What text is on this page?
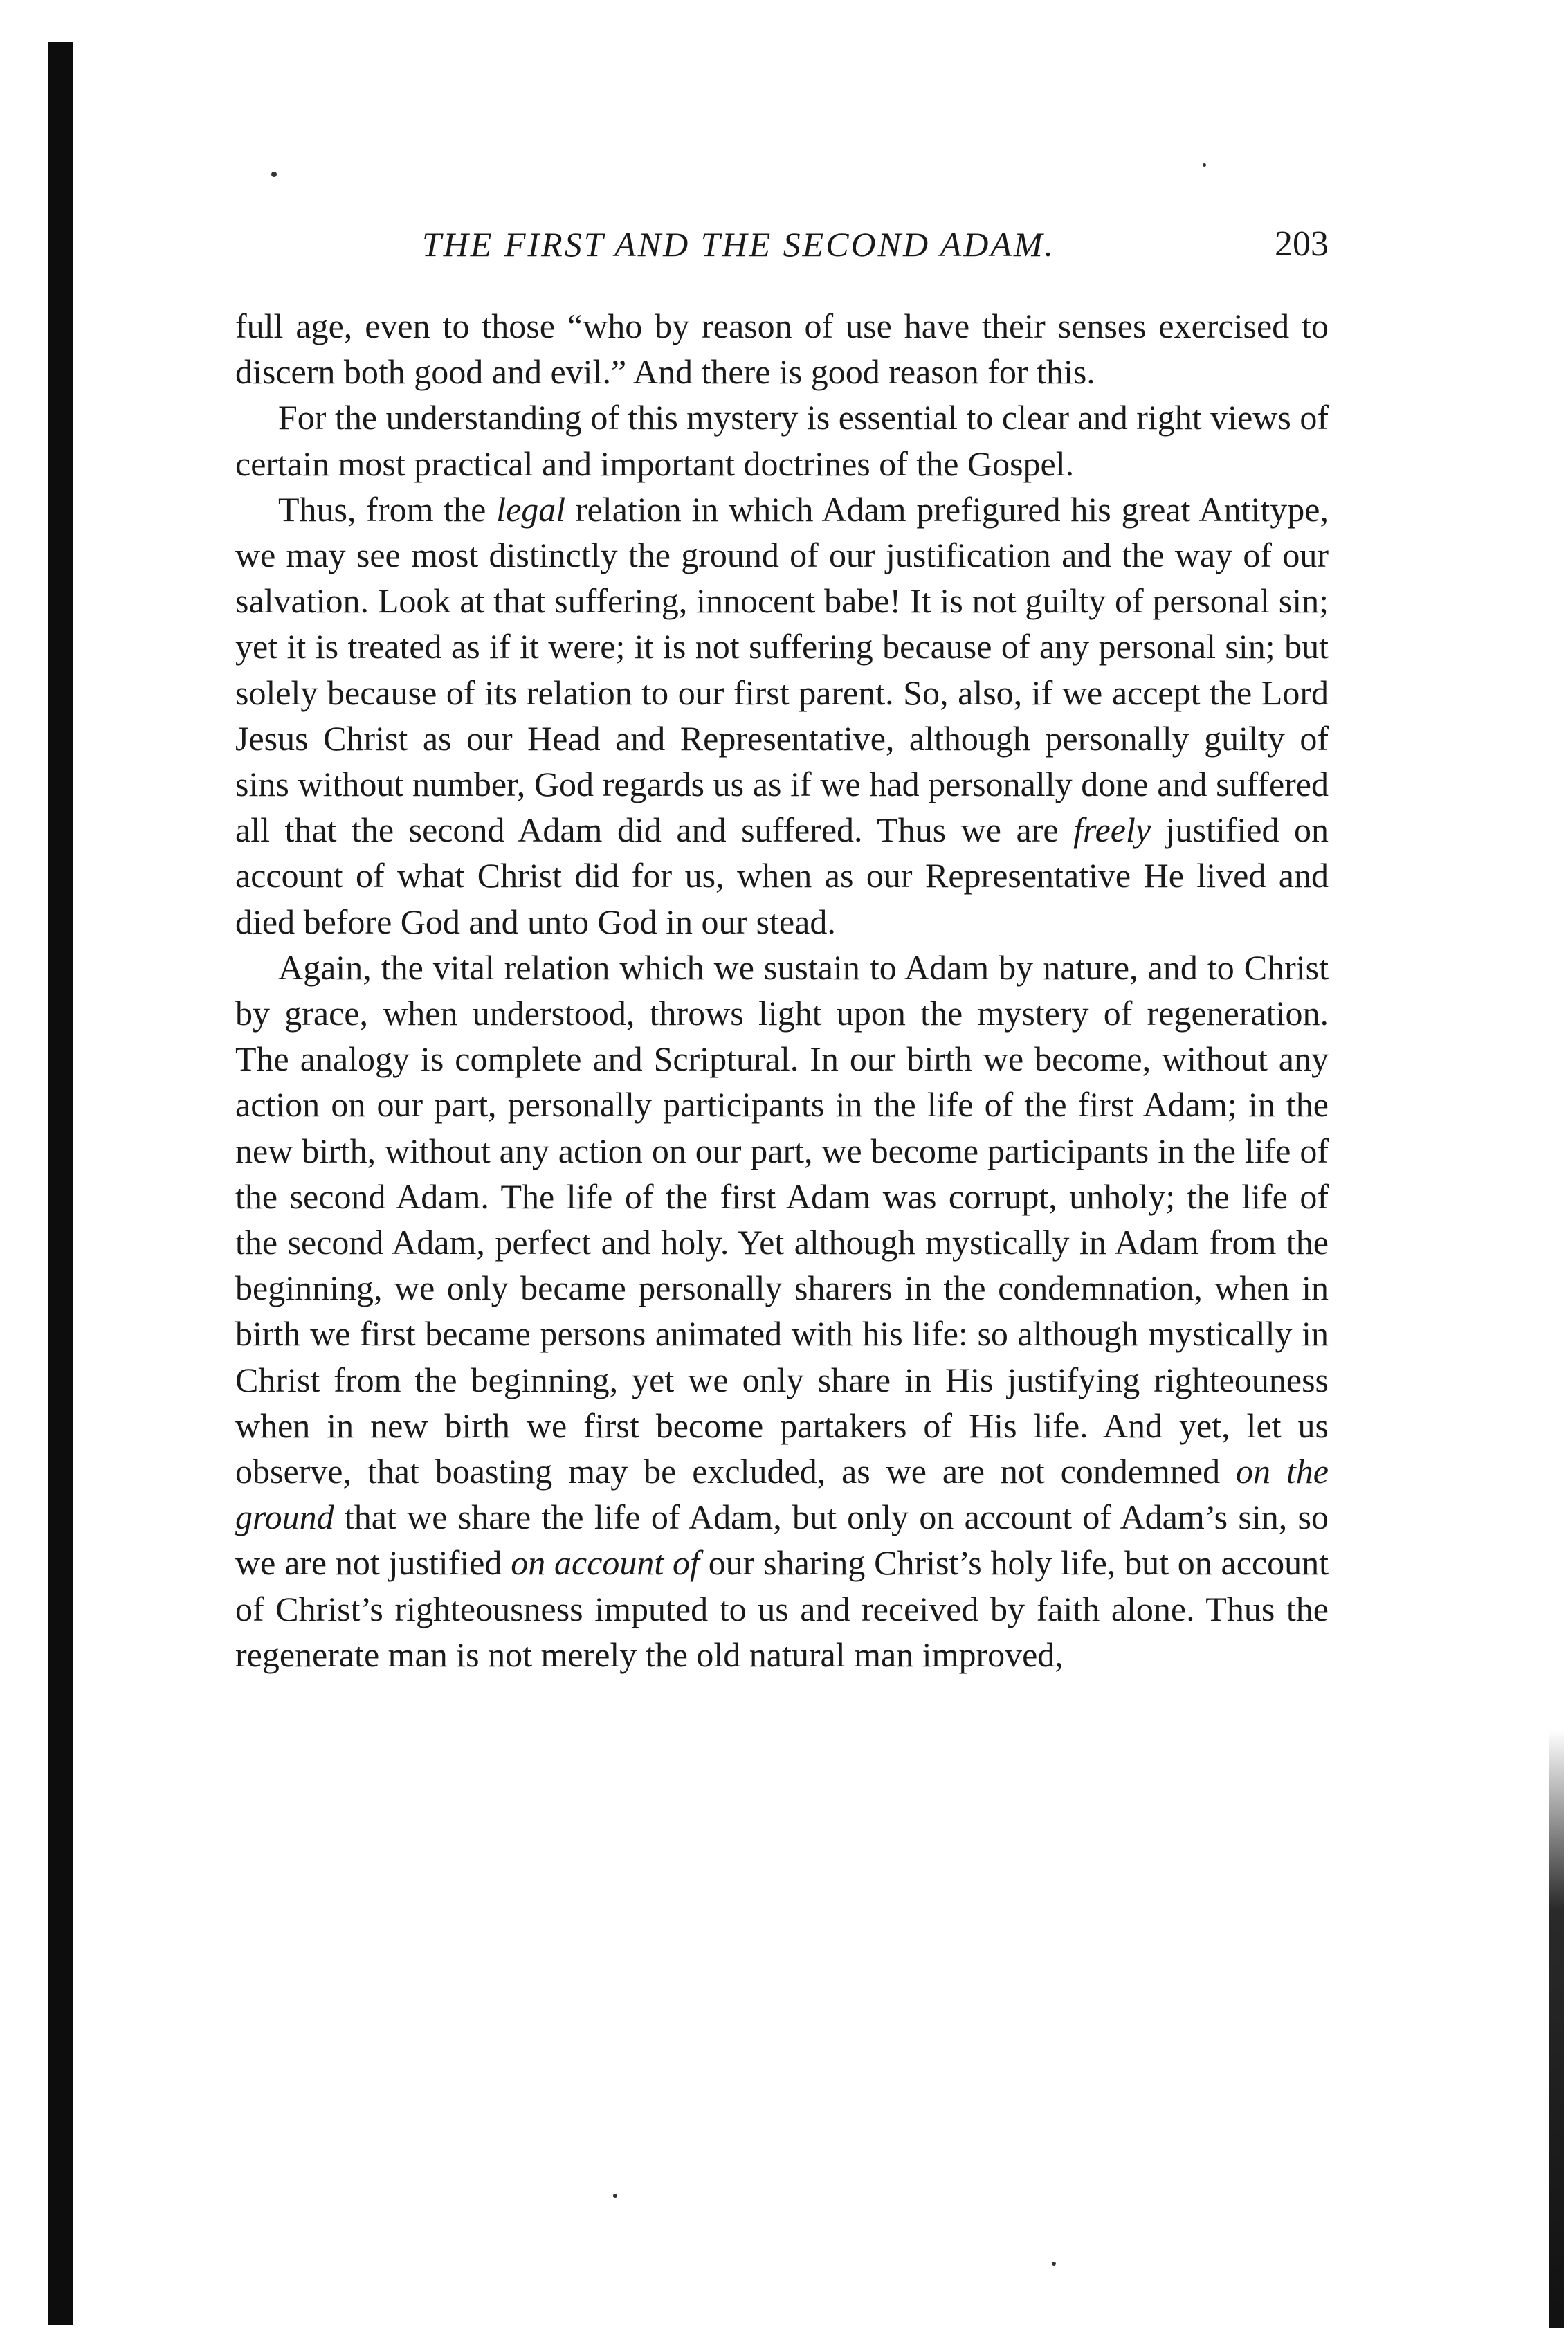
THE FIRST AND THE SECOND ADAM.	203

full age, even to those “who by reason of use have their senses exercised to discern both good and evil.” And there is good reason for this.

For the understanding of this mystery is essential to clear and right views of certain most practical and important doctrines of the Gospel.

Thus, from the legal relation in which Adam prefigured his great Antitype, we may see most distinctly the ground of our justification and the way of our salvation. Look at that suffering, innocent babe! It is not guilty of personal sin; yet it is treated as if it were; it is not suffering because of any personal sin; but solely because of its relation to our first parent. So, also, if we accept the Lord Jesus Christ as our Head and Representative, although personally guilty of sins without number, God regards us as if we had personally done and suffered all that the second Adam did and suffered. Thus we are freely justified on account of what Christ did for us, when as our Representative He lived and died before God and unto God in our stead.

Again, the vital relation which we sustain to Adam by nature, and to Christ by grace, when understood, throws light upon the mystery of regeneration. The analogy is complete and Scriptural. In our birth we become, without any action on our part, personally participants in the life of the first Adam; in the new birth, without any action on our part, we become participants in the life of the second Adam. The life of the first Adam was corrupt, unholy; the life of the second Adam, perfect and holy. Yet although mystically in Adam from the beginning, we only became personally sharers in the condemnation, when in birth we first became persons animated with his life: so although mystically in Christ from the beginning, yet we only share in His justifying righteouness when in new birth we first become partakers of His life. And yet, let us observe, that boasting may be excluded, as we are not condemned on the ground that we share the life of Adam, but only on account of Adam’s sin, so we are not justified on account of our sharing Christ’s holy life, but on account of Christ’s righteousness imputed to us and received by faith alone. Thus the regenerate man is not merely the old natural man improved,
